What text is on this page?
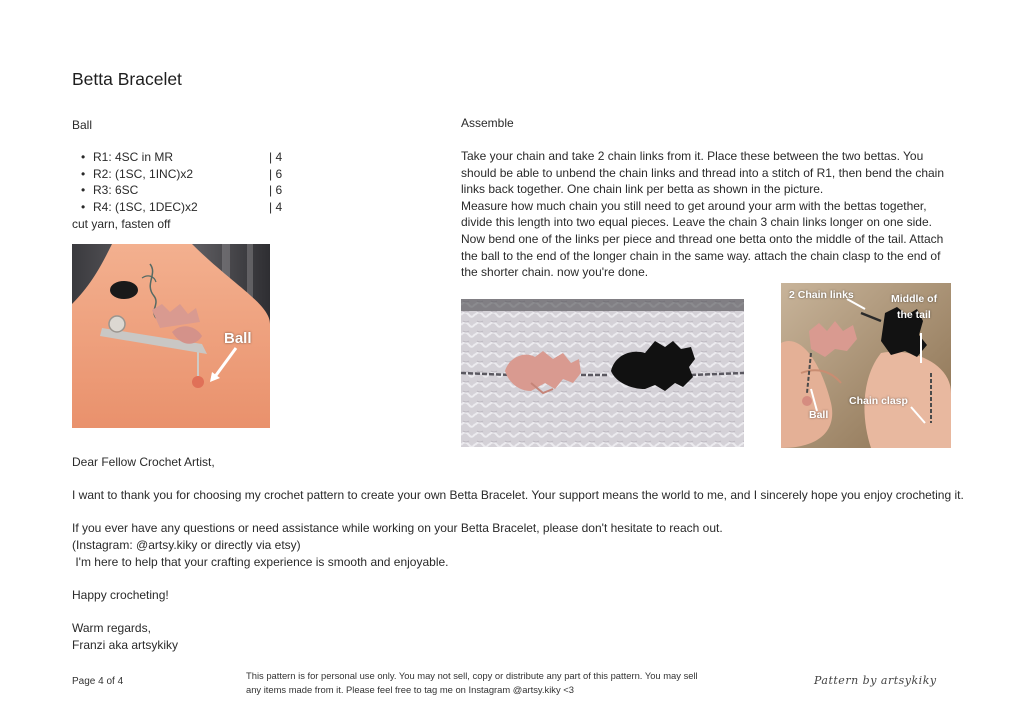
Betta Bracelet
Ball
• R1: 4SC in MR	| 4
• R2: (1SC, 1INC)x2	| 6
• R3: 6SC	| 6
• R4: (1SC, 1DEC)x2	| 4
cut yarn, fasten off
Ball
Assemble

Take your chain and take 2 chain links from it. Place these between the two bettas. You should be able to unbend the chain links and thread into a stitch of R1, then bend the chain links back together. One chain link per betta as shown in the picture.

Measure how much chain you still need to get around your arm with the bettas together, divide this length into two equal pieces. Leave the chain 3 chain links longer on one side. Now bend one of the links per piece and thread one betta onto the middle of the tail. Attach the ball to the end of the longer chain in the same way. attach the chain clasp to the end of the shorter chain. now you're done.

2 Chain links	Middle of
the tail
Ball
Chain clasp

Dear Fellow Crochet Artist,

I want to thank you for choosing my crochet pattern to create your own Betta Bracelet. Your support means the world to me, and I sincerely hope you enjoy crocheting it.

If you ever have any questions or need assistance while working on your Betta Bracelet, please don't hesitate to reach out.

(Instagram: @artsy.kiky or directly via etsy)

I'm here to help that your crafting experience is smooth and enjoyable.

Happy crocheting!

Warm regards,

Franzi aka artsykiky

Page 4 of 4
This pattern is for personal use only. You may not sell, copy or distribute any part of this pattern. You may sell any items made from it. Please feel free to tag me on Instagram @artsy.kiky <3
Pattern by artsykiky
